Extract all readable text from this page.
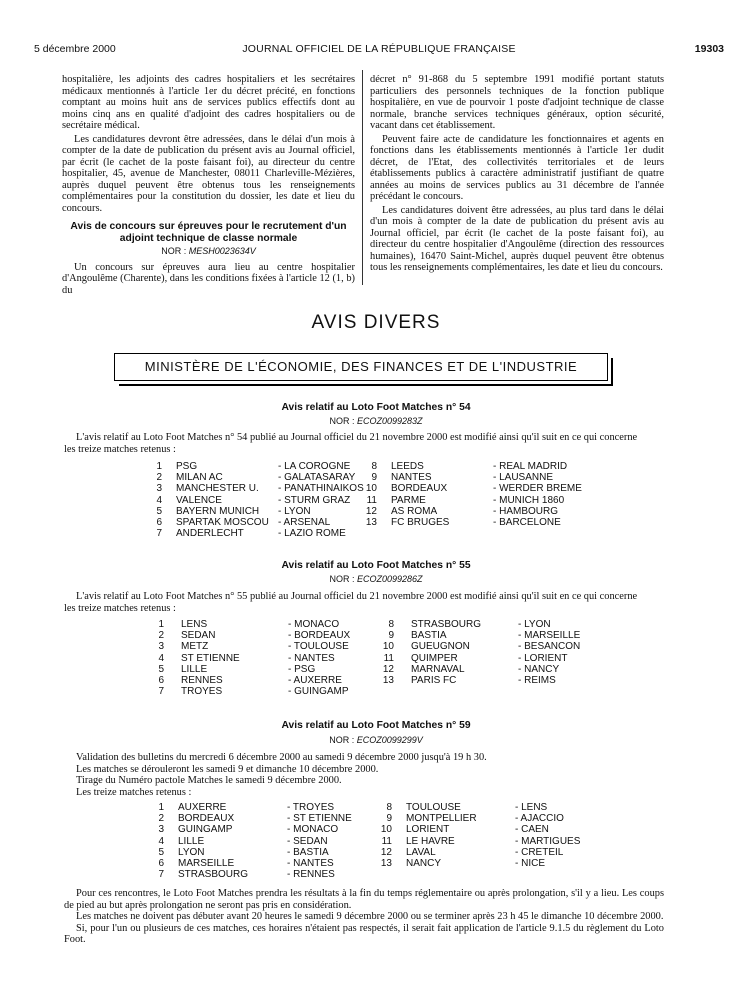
5 décembre 2000	JOURNAL OFFICIEL DE LA RÉPUBLIQUE FRANÇAISE	19303

hospitalière, les adjoints des cadres hospitaliers et les secrétaires médicaux mentionnés à l'article 1er du décret précité, en fonctions comptant au moins huit ans de services publics effectifs dont au moins cinq ans en qualité d'adjoint des cadres hospitaliers ou de secrétaire médical.

Les candidatures devront être adressées, dans le délai d'un mois à compter de la date de publication du présent avis au Journal officiel, par écrit (le cachet de la poste faisant foi), au directeur du centre hospitalier, 45, avenue de Manchester, 08011 Charleville-Mézières, auprès duquel peuvent être obtenus tous les renseignements complémentaires pour la constitution du dossier, les date et lieu du concours.

Avis de concours sur épreuves pour le recrutement d'un adjoint technique de classe normale
NOR : MESH0023634V

Un concours sur épreuves aura lieu au centre hospitalier d'Angoulême (Charente), dans les conditions fixées à l'article 12 (1, b) du

décret n° 91-868 du 5 septembre 1991 modifié portant statuts particuliers des personnels techniques de la fonction publique hospitalière, en vue de pourvoir 1 poste d'adjoint technique de classe normale, branche services techniques généraux, option sécurité, vacant dans cet établissement.

Peuvent faire acte de candidature les fonctionnaires et agents en fonctions dans les établissements mentionnés à l'article 1er dudit décret, de l'Etat, des collectivités territoriales et de leurs établissements publics à caractère administratif justifiant de quatre années au moins de services publics au 31 décembre de l'année précédant le concours.

Les candidatures doivent être adressées, au plus tard dans le délai d'un mois à compter de la date de publication du présent avis au Journal officiel, par écrit (le cachet de la poste faisant foi), au directeur du centre hospitalier d'Angoulême (direction des ressources humaines), 16470 Saint-Michel, auprès duquel peuvent être obtenus tous les renseignements complémentaires, les date et lieu du concours.

AVIS DIVERS
MINISTÈRE DE L'ÉCONOMIE, DES FINANCES ET DE L'INDUSTRIE
Avis relatif au Loto Foot Matches n° 54
NOR : ECOZ0099283Z

L'avis relatif au Loto Foot Matches n° 54 publié au Journal officiel du 21 novembre 2000 est modifié ainsi qu'il suit en ce qui concerne

les treize matches retenus :

1 PSG	- LA COROGNE
2 MILAN AC	- GALATASARAY
3 MANCHESTER U. - PANATHINAIKOS
4 VALENCE	- STURM GRAZ
5 BAYERN MUNICH - LYON
6 SPARTAK MOSCOU - ARSENAL
7 ANDERLECHT	- LAZIO ROME
8 LEEDS	- REAL MADRID
9 NANTES	- LAUSANNE
10 BORDEAUX	- WERDER BREME
11 PARME	- MUNICH 1860
12 AS ROMA	- HAMBOURG
13 FC BRUGES	- BARCELONE
Avis relatif au Loto Foot Matches n° 55
NOR : ECOZ0099286Z

L'avis relatif au Loto Foot Matches n° 55 publié au Journal officiel du 21 novembre 2000 est modifié ainsi qu'il suit en ce qui concerne

les treize matches retenus :

1 LENS	- MONACO
2 SEDAN	- BORDEAUX
3 METZ	- TOULOUSE
4 ST ETIENNE	- NANTES
5 LILLE	- PSG
6 RENNES	- AUXERRE
7 TROYES	- GUINGAMP
8 STRASBOURG	- LYON
9 BASTIA	- MARSEILLE
10 GUEUGNON	- BESANCON
11 QUIMPER	- LORIENT
12 MARNAVAL	- NANCY
13 PARIS FC	- REIMS
Avis relatif au Loto Foot Matches n° 59
NOR : ECOZ0099299V

Validation des bulletins du mercredi 6 décembre 2000 au samedi 9 décembre 2000 jusqu'à 19 h 30.

Les matches se dérouleront les samedi 9 et dimanche 10 décembre 2000.

Tirage du Numéro pactole Matches le samedi 9 décembre 2000.

Les treize matches retenus :

1 AUXERRE	- TROYES
2 BORDEAUX	- ST ETIENNE
3 GUINGAMP	- MONACO
4 LILLE	- SEDAN
5 LYON	- BASTIA
6 MARSEILLE	- NANTES
7 STRASBOURG	- RENNES
8 TOULOUSE	- LENS
9 MONTPELLIER	- AJACCIO
10 LORIENT	- CAEN
11 LE HAVRE	- MARTIGUES
12 LAVAL	- CRETEIL
13 NANCY	- NICE

Pour ces rencontres, le Loto Foot Matches prendra les résultats à la fin du temps réglementaire ou après prolongation, s'il y a lieu. Les coups de pied au but après prolongation ne seront pas pris en considération.

Les matches ne doivent pas débuter avant 20 heures le samedi 9 décembre 2000 ou se terminer après 23 h 45 le dimanche 10 décembre 2000.

Si, pour l'un ou plusieurs de ces matches, ces horaires n'étaient pas respectés, il serait fait application de l'article 9.1.5 du règlement du Loto Foot.
